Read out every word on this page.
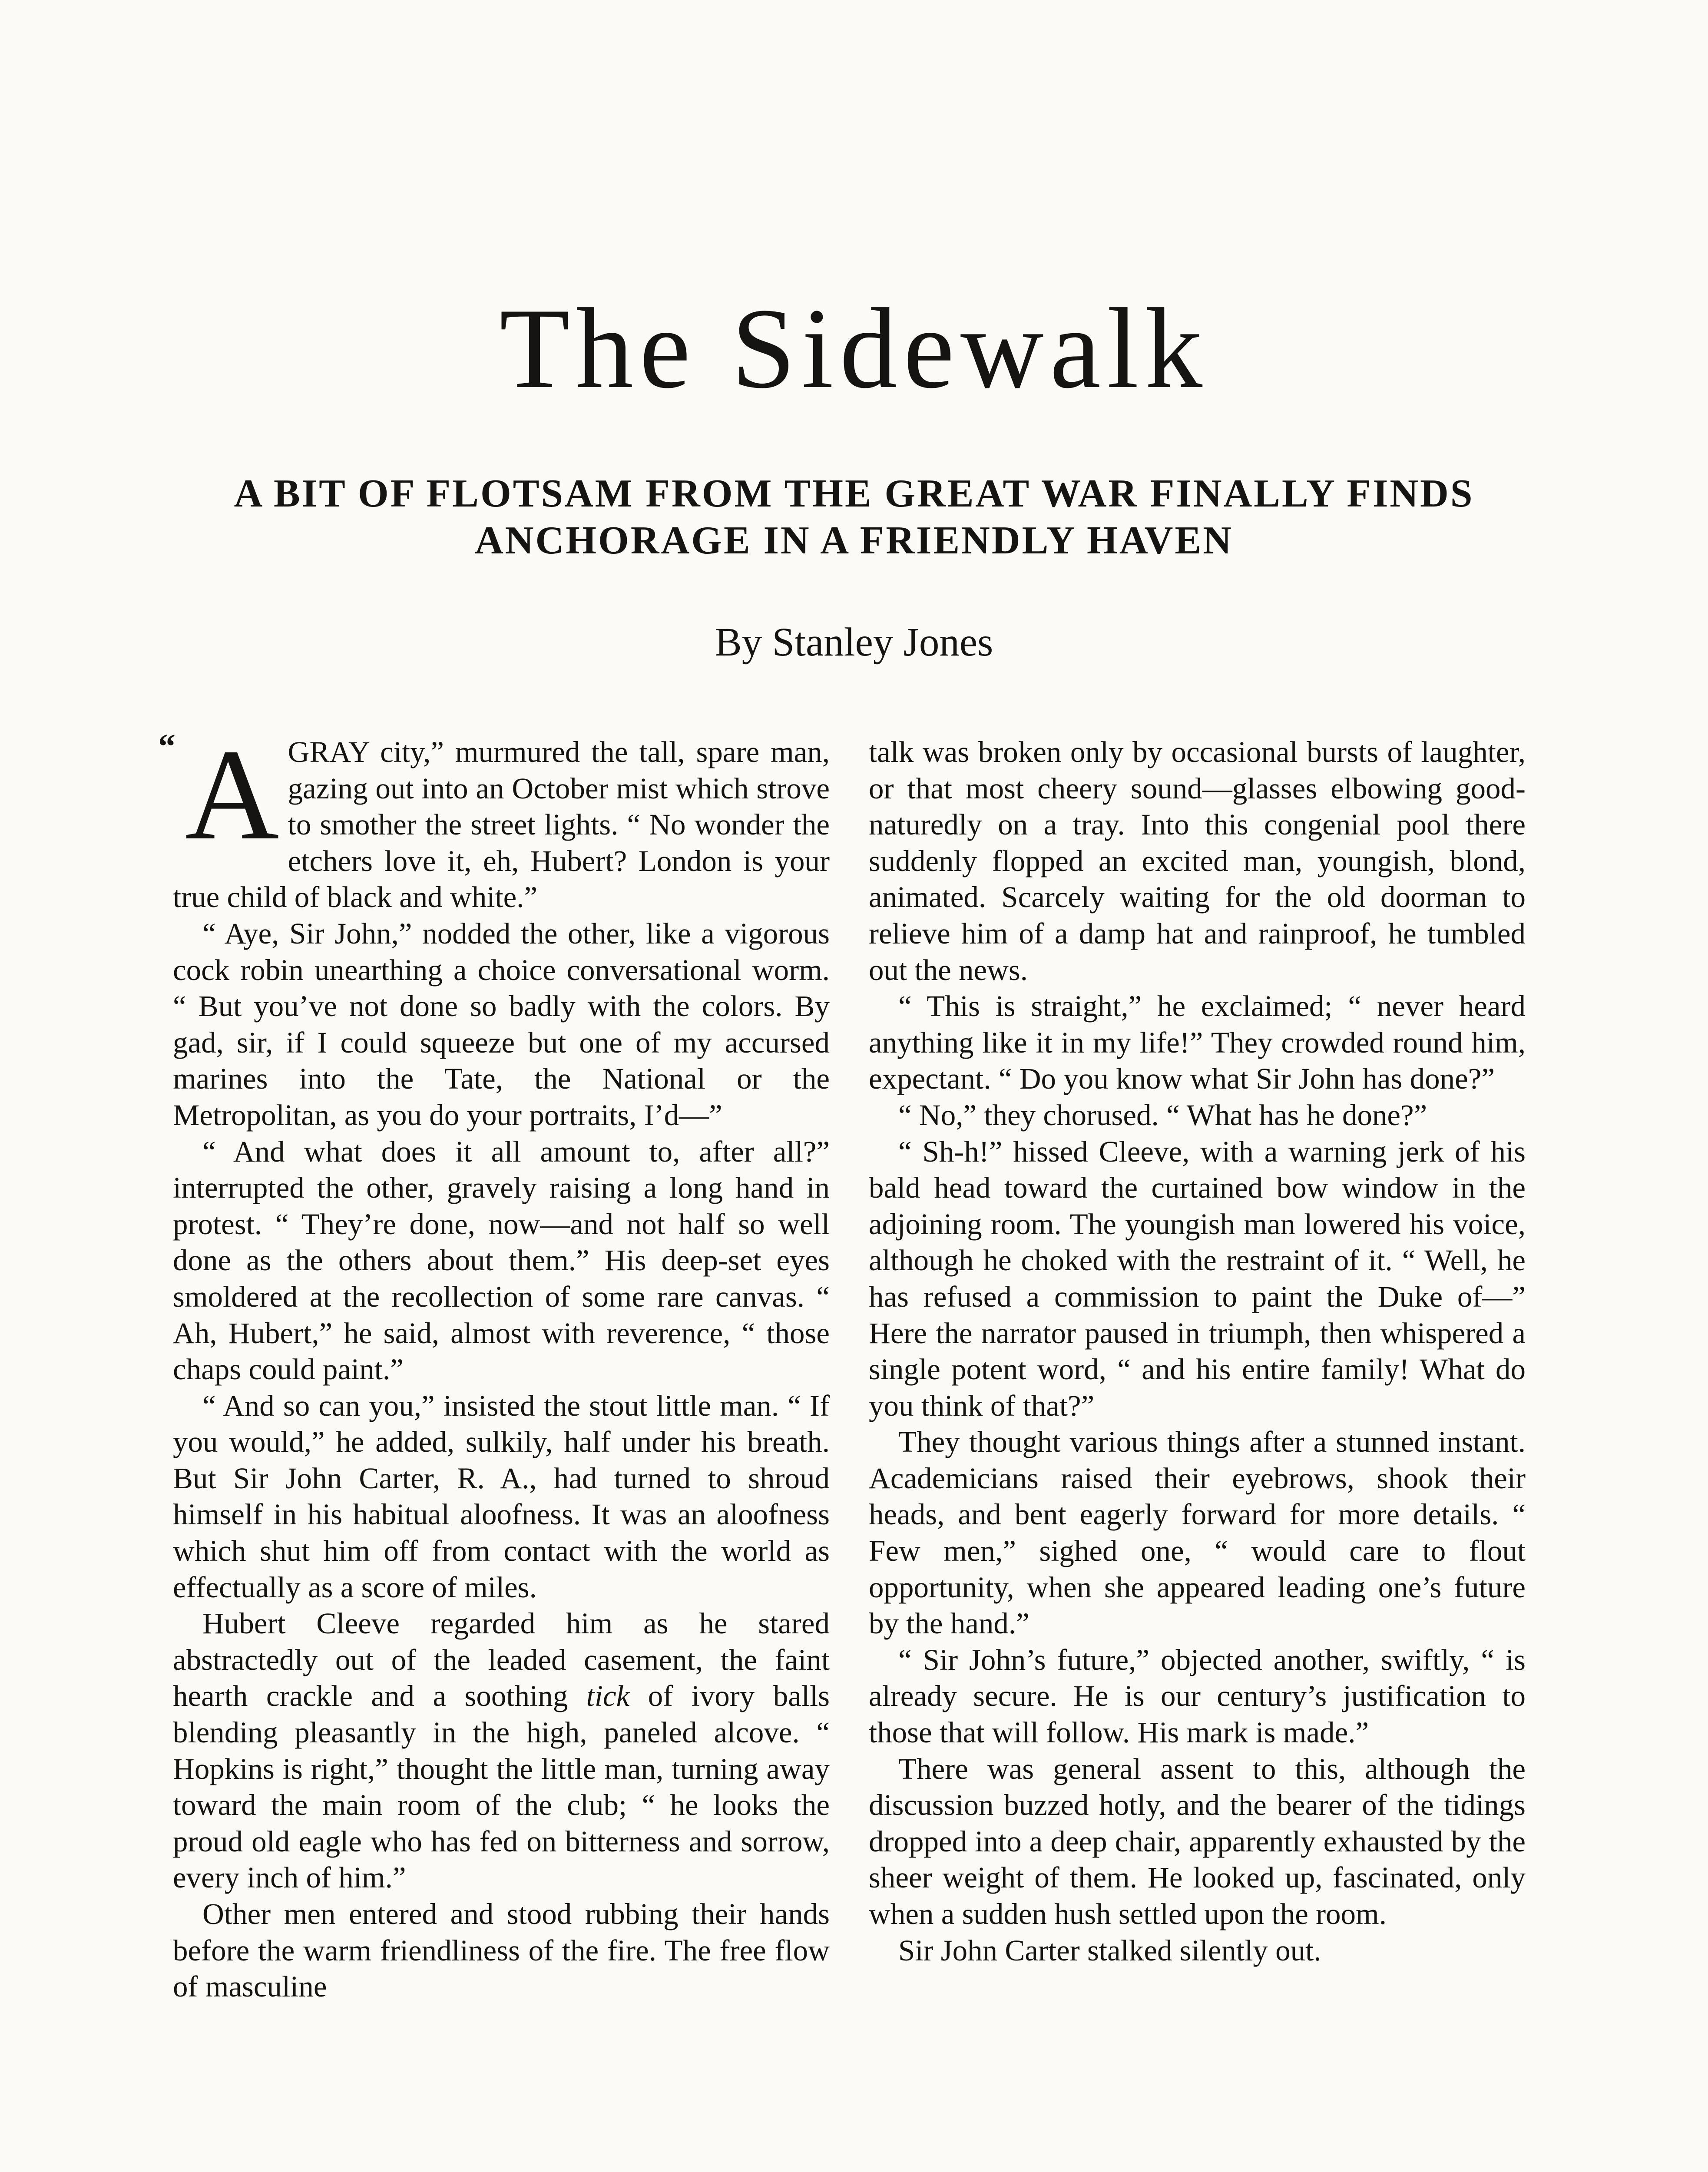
The Sidewalk
A BIT OF FLOTSAM FROM THE GREAT WAR FINALLY FINDS
ANCHORAGE IN A FRIENDLY HAVEN
By Stanley Jones

“ A GRAY city,” murmured the tall, spare man, gazing out into an October mist which strove to smother the street lights. “ No wonder the etchers love it, eh, Hubert? London is your true child of black and white.”

“ Aye, Sir John,” nodded the other, like a vigorous cock robin unearthing a choice conversational worm. “ But you’ve not done so badly with the colors. By gad, sir, if I could squeeze but one of my accursed marines into the Tate, the National or the Metropolitan, as you do your portraits, I’d—”

“ And what does it all amount to, after all?” interrupted the other, gravely raising a long hand in protest. “ They’re done, now—and not half so well done as the others about them.” His deep-set eyes smoldered at the recollection of some rare canvas. “ Ah, Hubert,” he said, almost with reverence, “ those chaps could paint.”

“ And so can you,” insisted the stout little man. “ If you would,” he added, sulkily, half under his breath. But Sir John Carter, R. A., had turned to shroud himself in his habitual aloofness. It was an aloofness which shut him off from contact with the world as effectually as a score of miles.

Hubert Cleeve regarded him as he stared abstractedly out of the leaded casement, the faint hearth crackle and a soothing tick of ivory balls blending pleasantly in the high, paneled alcove. “ Hopkins is right,” thought the little man, turning away toward the main room of the club; “ he looks the proud old eagle who has fed on bitterness and sorrow, every inch of him.”

Other men entered and stood rubbing their hands before the warm friendliness of the fire. The free flow of masculine

talk was broken only by occasional bursts of laughter, or that most cheery sound—glasses elbowing good-naturedly on a tray. Into this congenial pool there suddenly flopped an excited man, youngish, blond, animated. Scarcely waiting for the old doorman to relieve him of a damp hat and rainproof, he tumbled out the news.

“ This is straight,” he exclaimed; “ never heard anything like it in my life!” They crowded round him, expectant. “ Do you know what Sir John has done?”

“ No,” they chorused. “ What has he done?”

“ Sh-h!” hissed Cleeve, with a warning jerk of his bald head toward the curtained bow window in the adjoining room. The youngish man lowered his voice, although he choked with the restraint of it. “ Well, he has refused a commission to paint the Duke of—” Here the narrator paused in triumph, then whispered a single potent word, “ and his entire family! What do you think of that?”

They thought various things after a stunned instant. Academicians raised their eyebrows, shook their heads, and bent eagerly forward for more details. “ Few men,” sighed one, “ would care to flout opportunity, when she appeared leading one’s future by the hand.”

“ Sir John’s future,” objected another, swiftly, “ is already secure. He is our century’s justification to those that will follow. His mark is made.”

There was general assent to this, although the discussion buzzed hotly, and the bearer of the tidings dropped into a deep chair, apparently exhausted by the sheer weight of them. He looked up, fascinated, only when a sudden hush settled upon the room.

Sir John Carter stalked silently out.
